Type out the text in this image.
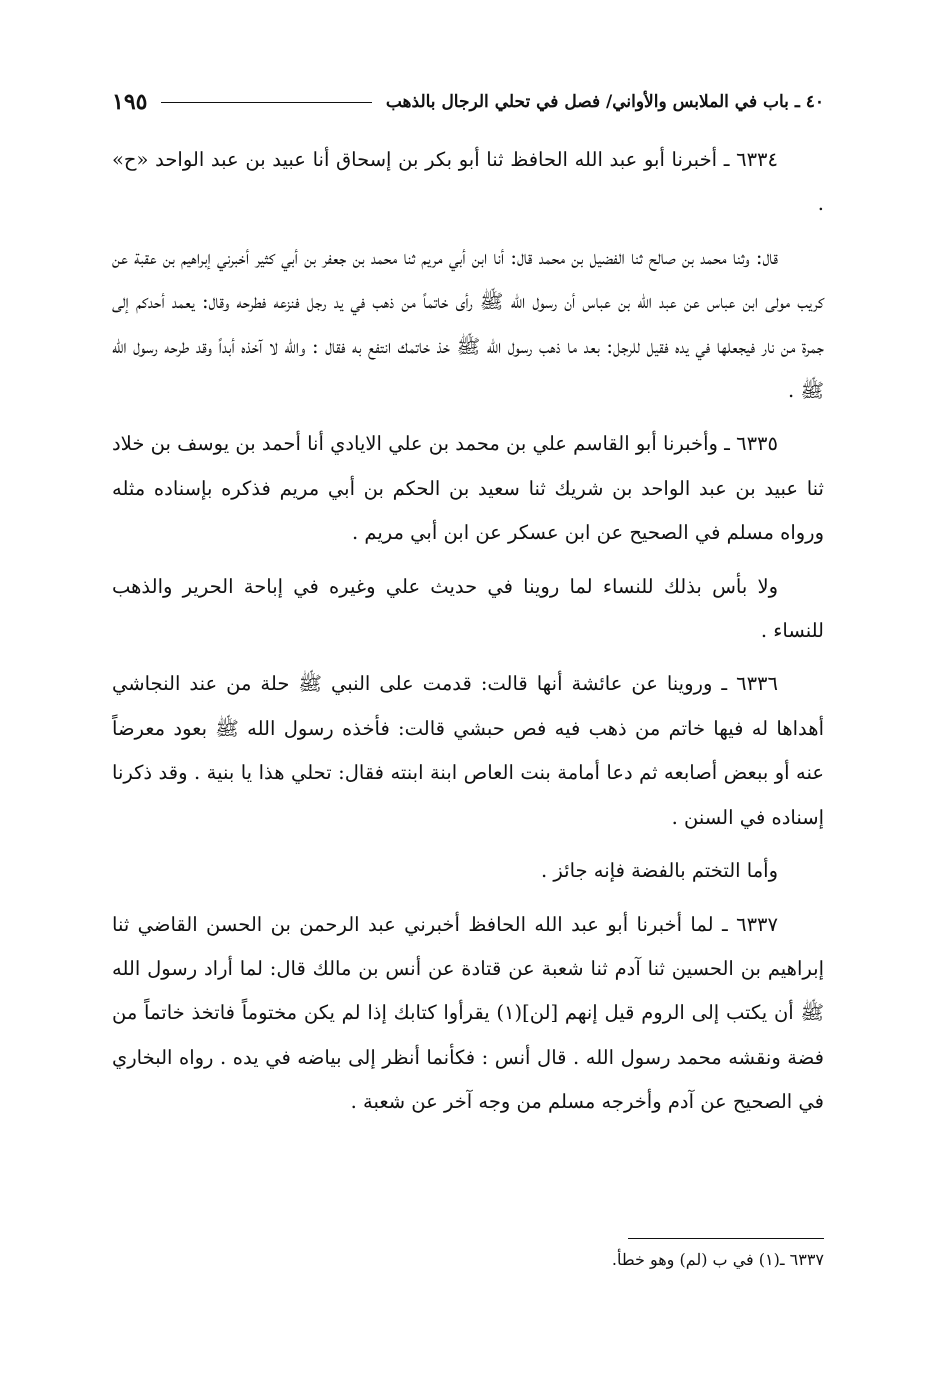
٤٠ ـ باب في الملابس والأواني/ فصل في تحلي الرجال بالذهب
١٩٥

٦٣٣٤ ـ أخبرنا أبو عبد الله الحافظ ثنا أبو بكر بن إسحاق أنا عبيد بن عبد الواحد «ح» .

قال: وثنا محمد بن صالح ثنا الفضيل بن محمد قال: أنا ابن أبي مريم ثنا محمد بن جعفر بن أبي كثير أخبرني إبراهيم بن عقبة عن كريب مولى ابن عباس عن عبد الله بن عباس أن رسول الله ﷺ رأى خاتماً من ذهب في يد رجل فنزعه فطرحه وقال: يعمد أحدكم إلى جمرة من نار فيجعلها في يده فقيل للرجل: بعد ما ذهب رسول الله ﷺ خذ خاتمك انتفع به فقال : والله لا آخذه أبداً وقد طرحه رسول الله ﷺ .

٦٣٣٥ ـ وأخبرنا أبو القاسم علي بن محمد بن علي الايادي أنا أحمد بن يوسف بن خلاد ثنا عبيد بن عبد الواحد بن شريك ثنا سعيد بن الحكم بن أبي مريم فذكره بإسناده مثله ورواه مسلم في الصحيح عن ابن عسكر عن ابن أبي مريم .

ولا بأس بذلك للنساء لما روينا في حديث علي وغيره في إباحة الحرير والذهب للنساء .

٦٣٣٦ ـ وروينا عن عائشة أنها قالت: قدمت على النبي ﷺ حلة من عند النجاشي أهداها له فيها خاتم من ذهب فيه فص حبشي قالت: فأخذه رسول الله ﷺ بعود معرضاً عنه أو ببعض أصابعه ثم دعا أمامة بنت العاص ابنة ابنته فقال: تحلي هذا يا بنية . وقد ذكرنا إسناده في السنن .

وأما التختم بالفضة فإنه جائز .

٦٣٣٧ ـ لما أخبرنا أبو عبد الله الحافظ أخبرني عبد الرحمن بن الحسن القاضي ثنا إبراهيم بن الحسين ثنا آدم ثنا شعبة عن قتادة عن أنس بن مالك قال: لما أراد رسول الله ﷺ أن يكتب إلى الروم قيل إنهم [لن](١) يقرأوا كتابك إذا لم يكن مختوماً فاتخذ خاتماً من فضة ونقشه محمد رسول الله . قال أنس : فكأنما أنظر إلى بياضه في يده . رواه البخاري في الصحيح عن آدم وأخرجه مسلم من وجه آخر عن شعبة .

٦٣٣٧ ـ(١) في ب (لم) وهو خطأ.
